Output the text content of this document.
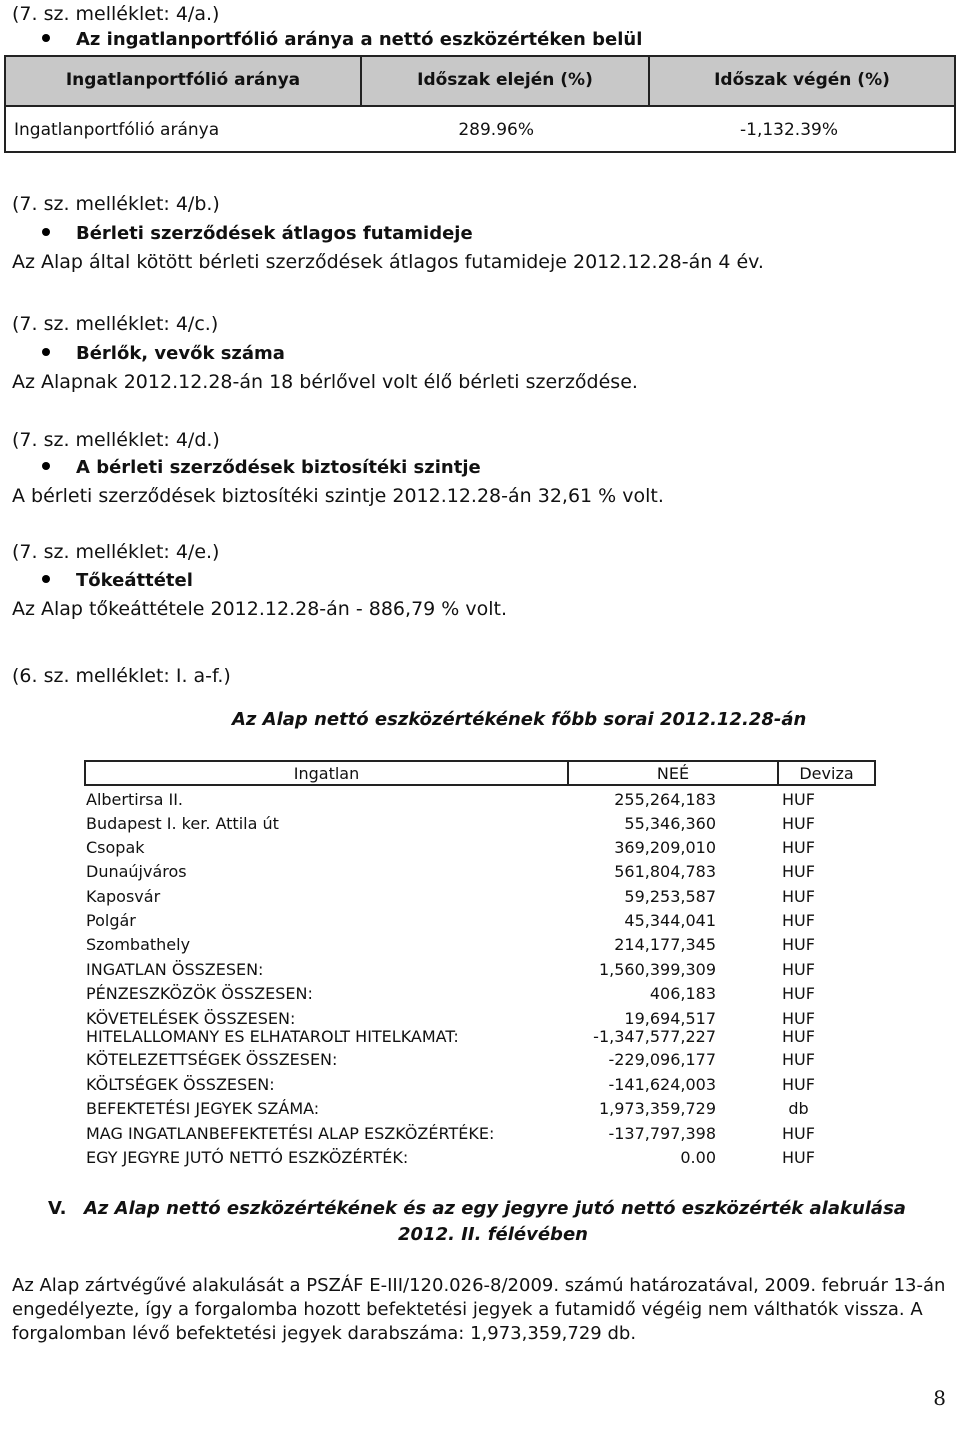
(7. sz. melléklet: 4/a.)
Az ingatlanportfólió aránya a nettó eszközértéken belül
Ingatlanportfólió aránya	Időszak elején (%)	Időszak végén (%)
Ingatlanportfólió aránya	289.96%	-1,132.39%
(7. sz. melléklet: 4/b.)
Bérleti szerződések átlagos futamideje
Az Alap által kötött bérleti szerződések átlagos futamideje 2012.12.28-án 4 év.
(7. sz. melléklet: 4/c.)
Bérlők, vevők száma
Az Alapnak 2012.12.28-án 18 bérlővel volt élő bérleti szerződése.
(7. sz. melléklet: 4/d.)
A bérleti szerződések biztosítéki szintje
A bérleti szerződések biztosítéki szintje 2012.12.28-án 32,61 % volt.
(7. sz. melléklet: 4/e.)
Tőkeáttétel
Az Alap tőkeáttétele 2012.12.28-án - 886,79 % volt.
(6. sz. melléklet: I. a-f.)
Az Alap nettó eszközértékének főbb sorai 2012.12.28-án
Ingatlan	NEÉ	Deviza
Albertirsa II.	255,264,183	HUF
Budapest I. ker. Attila út	55,346,360	HUF
Csopak	369,209,010	HUF
Dunaújváros	561,804,783	HUF
Kaposvár	59,253,587	HUF
Polgár	45,344,041	HUF
Szombathely	214,177,345	HUF
INGATLAN ÖSSZESEN:	1,560,399,309	HUF
PÉNZESZKÖZÖK ÖSSZESEN:	406,183	HUF
KÖVETELÉSEK ÖSSZESEN:	19,694,517	HUF
HITELALLOMANY ES ELHATAROLT HITELKAMAT:	-1,347,577,227	HUF
KÖTELEZETTSÉGEK ÖSSZESEN:	-229,096,177	HUF
KÖLTSÉGEK ÖSSZESEN:	-141,624,003	HUF
BEFEKTETÉSI JEGYEK SZÁMA:	1,973,359,729	db
MAG INGATLANBEFEKTETÉSI ALAP ESZKÖZÉRTÉKE:	-137,797,398	HUF
EGY JEGYRE JUTÓ NETTÓ ESZKÖZÉRTÉK:	0.00	HUF
V. Az Alap nettó eszközértékének és az egy jegyre jutó nettó eszközérték alakulása
2012. II. félévében
Az Alap zártvégűvé alakulását a PSZÁF E-III/120.026-8/2009. számú határozatával, 2009. február 13-án engedélyezte, így a forgalomba hozott befektetési jegyek a futamidő végéig nem válthatók vissza. A forgalomban lévő befektetési jegyek darabszáma: 1,973,359,729 db.
8
